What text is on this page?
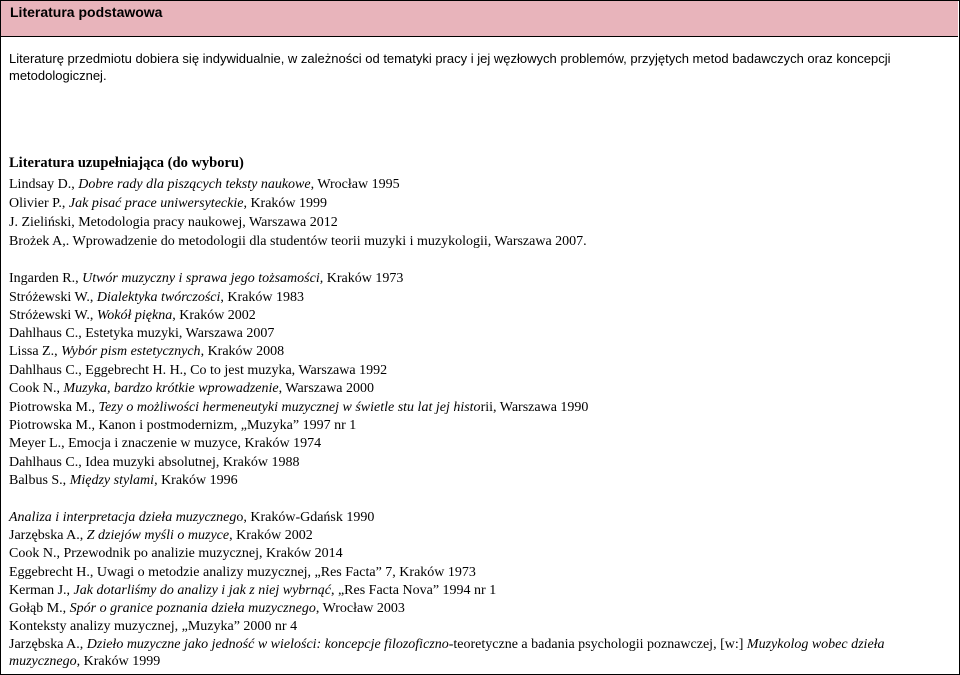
Literatura podstawowa
Literaturę przedmiotu dobiera się indywidualnie, w zależności od tematyki pracy i jej węzłowych problemów, przyjętych metod badawczych oraz koncepcji metodologicznej.
Literatura uzupełniająca (do wyboru)
Lindsay D., Dobre rady dla piszących teksty naukowe, Wrocław 1995
Olivier P., Jak pisać prace uniwersyteckie, Kraków 1999
J. Zieliński, Metodologia pracy naukowej, Warszawa 2012
Brożek A,. Wprowadzenie do metodologii dla studentów teorii muzyki i muzykologii, Warszawa 2007.
Ingarden R., Utwór muzyczny i sprawa jego tożsamości, Kraków 1973
Stróżewski W., Dialektyka twórczości, Kraków 1983
Stróżewski W., Wokół piękna, Kraków 2002
Dahlhaus C., Estetyka muzyki, Warszawa 2007
Lissa Z., Wybór pism estetycznych, Kraków 2008
Dahlhaus C., Eggebrecht H. H., Co to jest muzyka, Warszawa 1992
Cook N., Muzyka, bardzo krótkie wprowadzenie, Warszawa 2000
Piotrowska M., Tezy o możliwości hermeneutyki muzycznej w świetle stu lat jej historii, Warszawa 1990
Piotrowska M., Kanon i postmodernizm, „Muzyka” 1997 nr 1
Meyer L., Emocja i znaczenie w muzyce, Kraków 1974
Dahlhaus C., Idea muzyki absolutnej, Kraków 1988
Balbus S., Między stylami, Kraków 1996
Analiza i interpretacja dzieła muzycznego, Kraków-Gdańsk 1990
Jarzębska A., Z dziejów myśli o muzyce, Kraków 2002
Cook N., Przewodnik po analizie muzycznej, Kraków 2014
Eggebrecht H., Uwagi o metodzie analizy muzycznej, „Res Facta” 7, Kraków 1973
Kerman J., Jak dotarliśmy do analizy i jak z niej wybrnąć, „Res Facta Nova” 1994 nr 1
Gołąb M., Spór o granice poznania dzieła muzycznego, Wrocław 2003
Konteksty analizy muzycznej, „Muzyka” 2000 nr 4
Jarzębska A., Dzieło muzyczne jako jedność w wielości: koncepcje filozoficzno-teoretyczne a badania psychologii poznawczej, [w:] Muzykolog wobec dzieła muzycznego, Kraków 1999
